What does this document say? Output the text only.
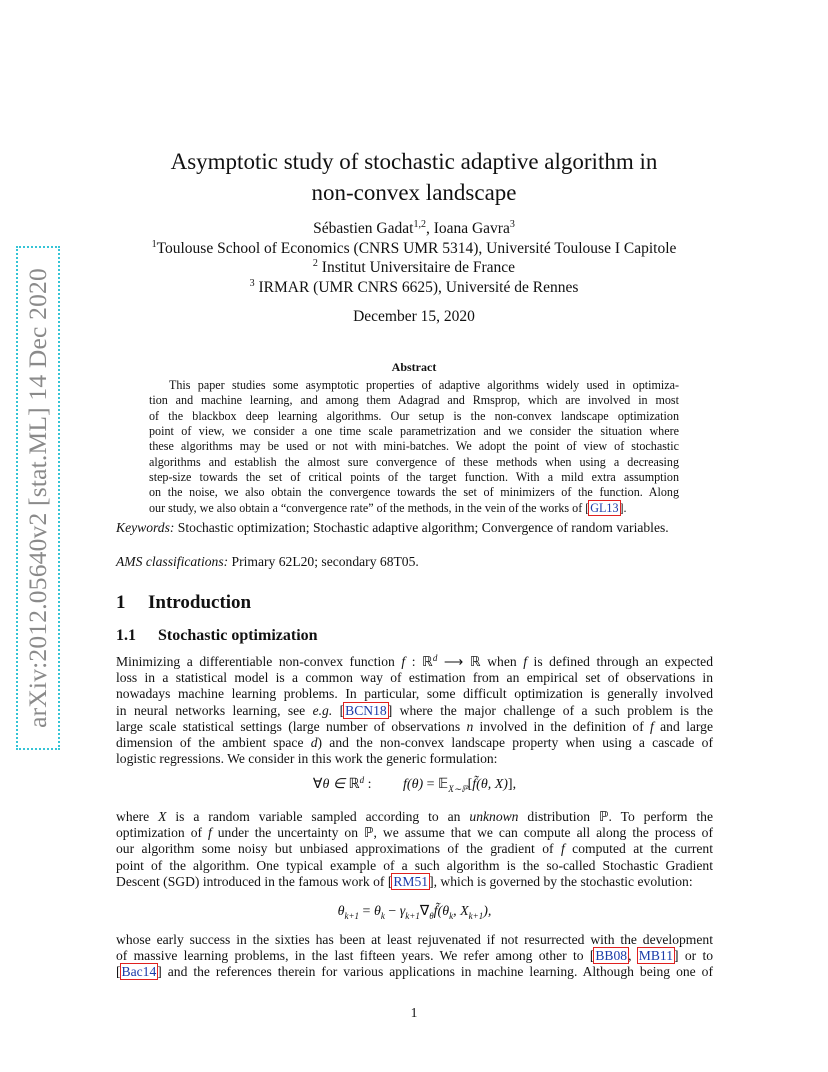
arXiv:2012.05640v2 [stat.ML] 14 Dec 2020
Asymptotic study of stochastic adaptive algorithm in
non-convex landscape
Sébastien Gadat$^{1,2}$, Ioana Gavra$^3$
$^1$Toulouse School of Economics (CNRS UMR 5314), Université Toulouse I Capitole
$^2$ Institut Universitaire de France
$^3$ IRMAR (UMR CNRS 6625), Université de Rennes
December 15, 2020
Abstract
This paper studies some asymptotic properties of adaptive algorithms widely used in optimiza-
tion and machine learning, and among them Adagrad and Rmsprop, which are involved in most
of the blackbox deep learning algorithms. Our setup is the non-convex landscape optimization
point of view, we consider a one time scale parametrization and we consider the situation where
these algorithms may be used or not with mini-batches. We adopt the point of view of stochastic
algorithms and establish the almost sure convergence of these methods when using a decreasing
step-size towards the set of critical points of the target function. With a mild extra assumption
on the noise, we also obtain the convergence towards the set of minimizers of the function. Along
our study, we also obtain a “convergence rate” of the methods, in the vein of the works of [GL13].
Keywords: Stochastic optimization; Stochastic adaptive algorithm; Convergence of random variables.
AMS classifications: Primary 62L20; secondary 68T05.
1 Introduction
1.1 Stochastic optimization
Minimizing a differentiable non-convex function f : ℝ$^d$ ⟶ ℝ when f is defined through an expected
loss in a statistical model is a common way of estimation from an empirical set of observations in
nowadays machine learning problems. In particular, some difficult optimization is generally involved
in neural networks learning, see e.g. [BCN18] where the major challenge of a such problem is the
large scale statistical settings (large number of observations n involved in the definition of f and large
dimension of the ambient space d) and the non-convex landscape property when using a cascade of
logistic regressions. We consider in this work the generic formulation:
∀θ ∈ ℝ$^d$ :         f(θ) = 𝔼$_{X\sim ℙ}$[f̃(θ, X)],
where X is a random variable sampled according to an unknown distribution ℙ. To perform the
optimization of f under the uncertainty on ℙ, we assume that we can compute all along the process of
our algorithm some noisy but unbiased approximations of the gradient of f computed at the current
point of the algorithm. One typical example of a such algorithm is the so-called Stochastic Gradient
Descent (SGD) introduced in the famous work of [RM51], which is governed by the stochastic evolution:
$\theta_{k+1} = \theta_k$ − $\gamma_{k+1}\nabla_\theta f̃(\theta_k$, $X_{k+1}$),
whose early success in the sixties has been at least rejuvenated if not resurrected with the development
of massive learning problems, in the last fifteen years. We refer among other to [BB08, MB11] or to
[Bac14] and the references therein for various applications in machine learning. Although being one of
1
